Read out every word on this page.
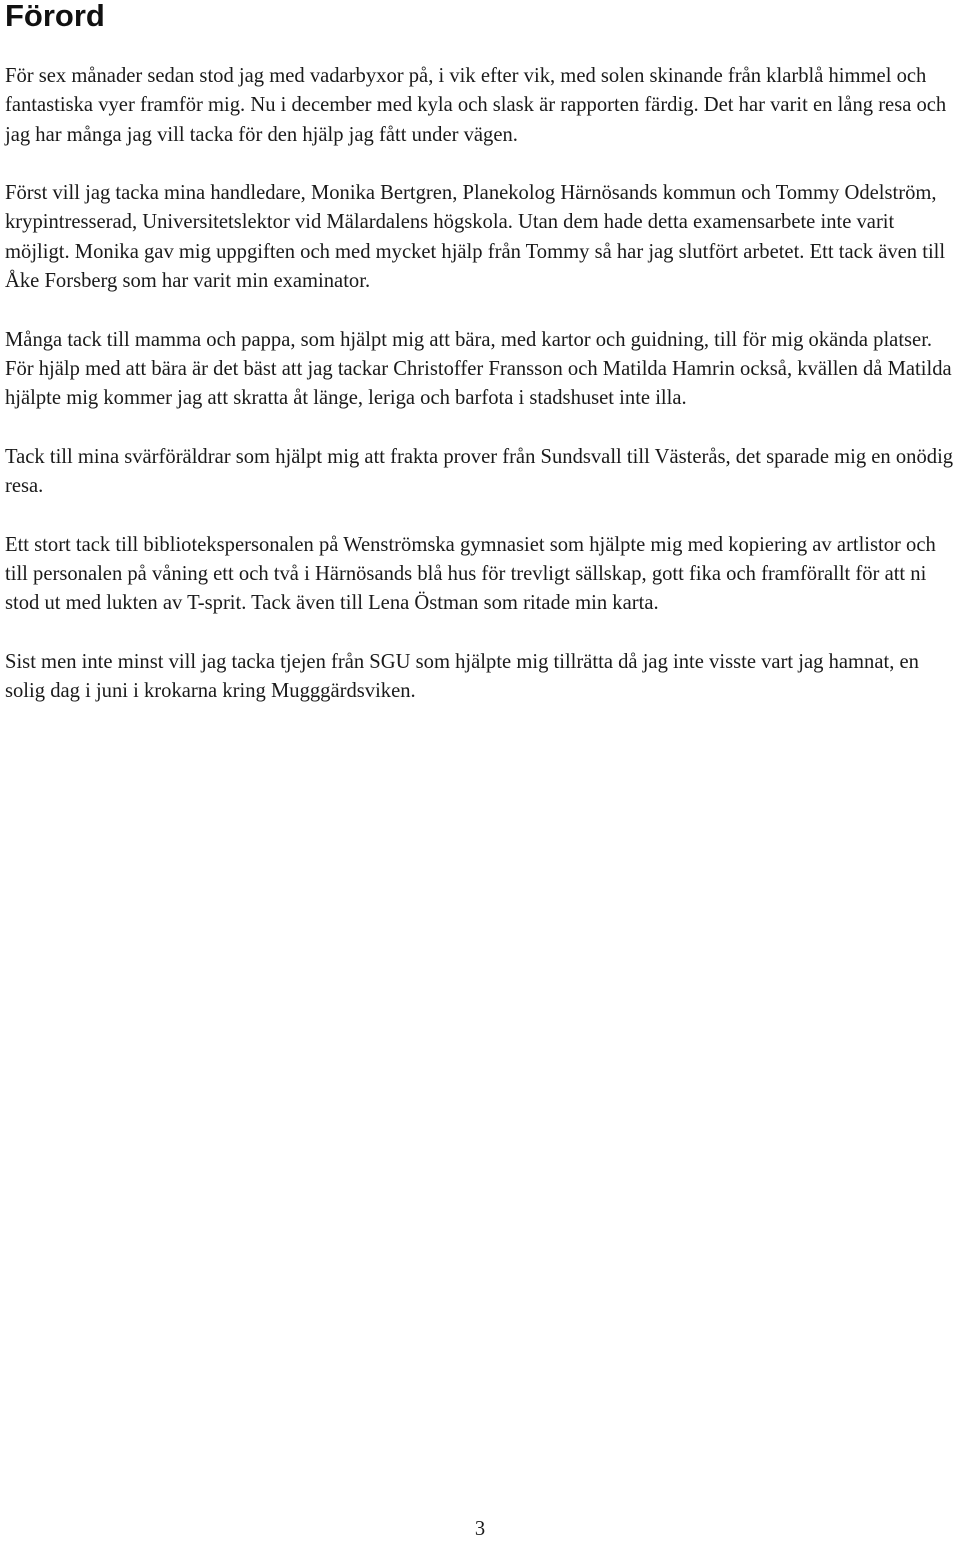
Förord

För sex månader sedan stod jag med vadarbyxor på, i vik efter vik, med solen skinande från klarblå himmel och fantastiska vyer framför mig. Nu i december med kyla och slask är rapporten färdig. Det har varit en lång resa och jag har många jag vill tacka för den hjälp jag fått under vägen.

Först vill jag tacka mina handledare, Monika Bertgren, Planekolog Härnösands kommun och Tommy Odelström, krypintresserad, Universitetslektor vid Mälardalens högskola. Utan dem hade detta examensarbete inte varit möjligt. Monika gav mig uppgiften och med mycket hjälp från Tommy så har jag slutfört arbetet. Ett tack även till Åke Forsberg som har varit min examinator.

Många tack till mamma och pappa, som hjälpt mig att bära, med kartor och guidning, till för mig okända platser. För hjälp med att bära är det bäst att jag tackar Christoffer Fransson och Matilda Hamrin också, kvällen då Matilda hjälpte mig kommer jag att skratta åt länge, leriga och barfota i stadshuset inte illa.

Tack till mina svärföräldrar som hjälpt mig att frakta prover från Sundsvall till Västerås, det sparade mig en onödig resa.

Ett stort tack till bibliotekspersonalen på Wenströmska gymnasiet som hjälpte mig med kopiering av artlistor och till personalen på våning ett och två i Härnösands blå hus för trevligt sällskap, gott fika och framförallt för att ni stod ut med lukten av T-sprit. Tack även till Lena Östman som ritade min karta.

Sist men inte minst vill jag tacka tjejen från SGU som hjälpte mig tillrätta då jag inte visste vart jag hamnat, en solig dag i juni i krokarna kring Mugggärdsviken.

3
